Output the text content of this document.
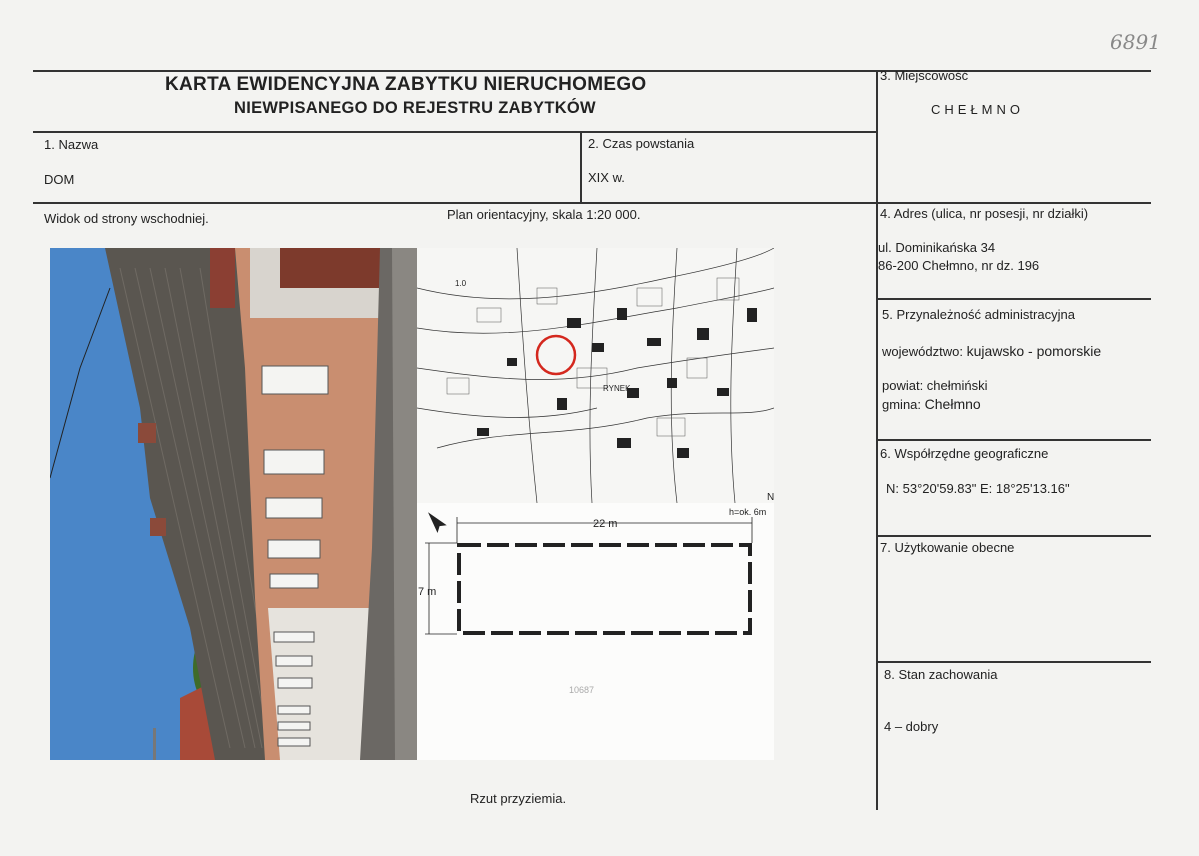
6891
KARTA EWIDENCYJNA ZABYTKU NIERUCHOMEGO
NIEWPISANEGO DO REJESTRU ZABYTKÓW
1. Nazwa
DOM
2. Czas powstania
XIX w.
3. Miejscowość
CHEŁMNO
4. Adres (ulica, nr posesji, nr działki)
ul. Dominikańska 34
86-200 Chełmno, nr dz. 196
5. Przynależność administracyjna
województwo: kujawsko - pomorskie
powiat: chełmiński
gmina: Chełmno
6. Współrzędne geograficzne
N: 53°20'59.83" E: 18°25'13.16"
7. Użytkowanie obecne
8. Stan zachowania
4 – dobry
Widok od strony wschodniej.	Plan orientacyjny, skala 1:20 000.
Rzut przyziemia.
RYNEK
1.0
N
22 m
7 m
h=ok. 6m
10687
